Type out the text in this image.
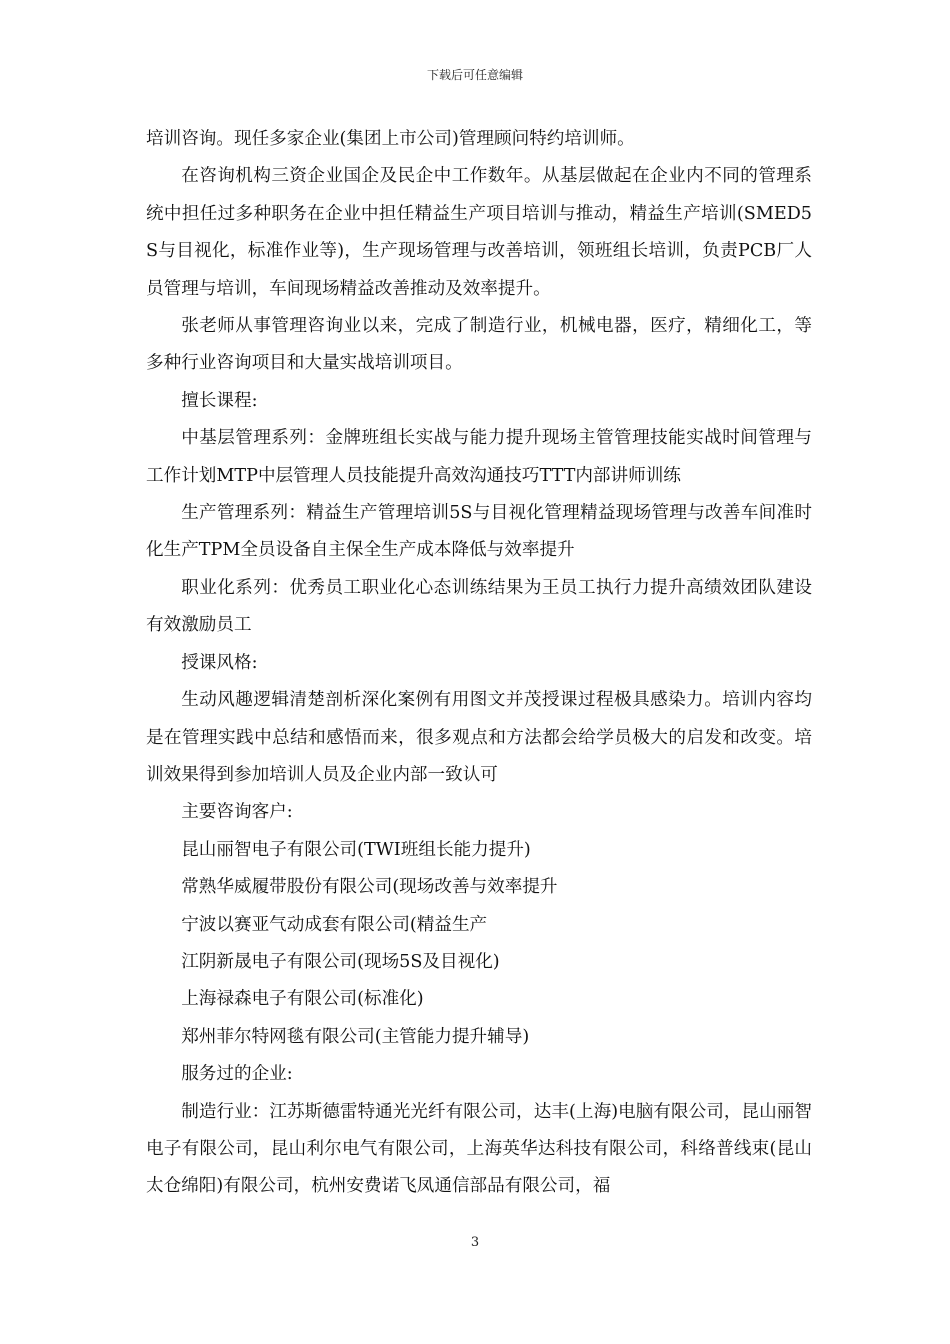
下载后可任意编辑

培训咨询。现任多家企业(集团上市公司)管理顾问特约培训师。

在咨询机构三资企业国企及民企中工作数年。从基层做起在企业内不同的管理系统中担任过多种职务在企业中担任精益生产项目培训与推动，精益生产培训(SMED5S与目视化，标准作业等)，生产现场管理与改善培训，领班组长培训，负责PCB厂人员管理与培训，车间现场精益改善推动及效率提升。

张老师从事管理咨询业以来，完成了制造行业，机械电器，医疗，精细化工，等多种行业咨询项目和大量实战培训项目。

擅长课程:

中基层管理系列：金牌班组长实战与能力提升现场主管管理技能实战时间管理与工作计划MTP中层管理人员技能提升高效沟通技巧TTT内部讲师训练

生产管理系列：精益生产管理培训5S与目视化管理精益现场管理与改善车间准时化生产TPM全员设备自主保全生产成本降低与效率提升

职业化系列：优秀员工职业化心态训练结果为王员工执行力提升高绩效团队建设有效激励员工

授课风格:

生动风趣逻辑清楚剖析深化案例有用图文并茂授课过程极具感染力。培训内容均是在管理实践中总结和感悟而来，很多观点和方法都会给学员极大的启发和改变。培训效果得到参加培训人员及企业内部一致认可

主要咨询客户:

昆山丽智电子有限公司(TWI班组长能力提升)

常熟华威履带股份有限公司(现场改善与效率提升

宁波以赛亚气动成套有限公司(精益生产

江阴新晟电子有限公司(现场5S及目视化)

上海禄森电子有限公司(标准化)

郑州菲尔特网毯有限公司(主管能力提升辅导)

服务过的企业:

制造行业：江苏斯德雷特通光光纤有限公司，达丰(上海)电脑有限公司，昆山丽智电子有限公司，昆山利尔电气有限公司，上海英华达科技有限公司，科络普线束(昆山太仓绵阳)有限公司，杭州安费诺飞凤通信部品有限公司，福

3
